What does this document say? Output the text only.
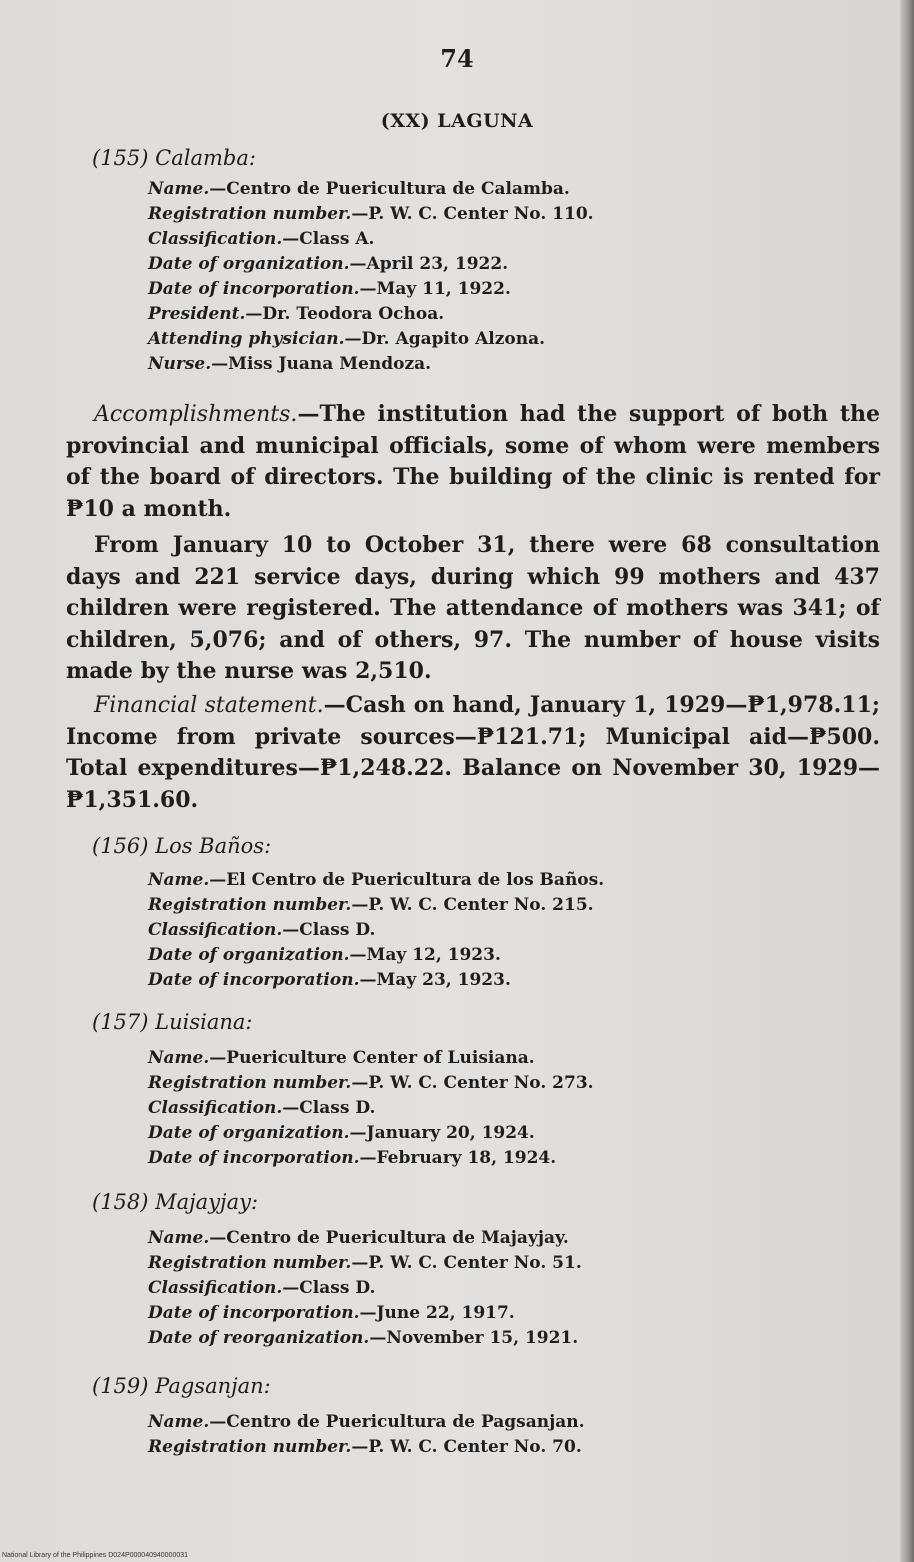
74
(XX) LAGUNA
(155) Calamba:
Name.—Centro de Puericultura de Calamba.
Registration number.—P. W. C. Center No. 110.
Classification.—Class A.
Date of organization.—April 23, 1922.
Date of incorporation.—May 11, 1922.
President.—Dr. Teodora Ochoa.
Attending physician.—Dr. Agapito Alzona.
Nurse.—Miss Juana Mendoza.
Accomplishments.—The institution had the support of both the provincial and municipal officials, some of whom were members of the board of directors. The building of the clinic is rented for ₱10 a month.
From January 10 to October 31, there were 68 consultation days and 221 service days, during which 99 mothers and 437 children were registered. The attendance of mothers was 341; of children, 5,076; and of others, 97. The number of house visits made by the nurse was 2,510.
Financial statement.—Cash on hand, January 1, 1929—₱1,978.11; Income from private sources—₱121.71; Municipal aid—₱500. Total expenditures—₱1,248.22. Balance on November 30, 1929—₱1,351.60.
(156) Los Baños:
Name.—El Centro de Puericultura de los Baños.
Registration number.—P. W. C. Center No. 215.
Classification.—Class D.
Date of organization.—May 12, 1923.
Date of incorporation.—May 23, 1923.
(157) Luisiana:
Name.—Puericulture Center of Luisiana.
Registration number.—P. W. C. Center No. 273.
Classification.—Class D.
Date of organization.—January 20, 1924.
Date of incorporation.—February 18, 1924.
(158) Majayjay:
Name.—Centro de Puericultura de Majayjay.
Registration number.—P. W. C. Center No. 51.
Classification.—Class D.
Date of incorporation.—June 22, 1917.
Date of reorganization.—November 15, 1921.
(159) Pagsanjan:
Name.—Centro de Puericultura de Pagsanjan.
Registration number.—P. W. C. Center No. 70.
National Library of the Philippines D024P000040940000031
